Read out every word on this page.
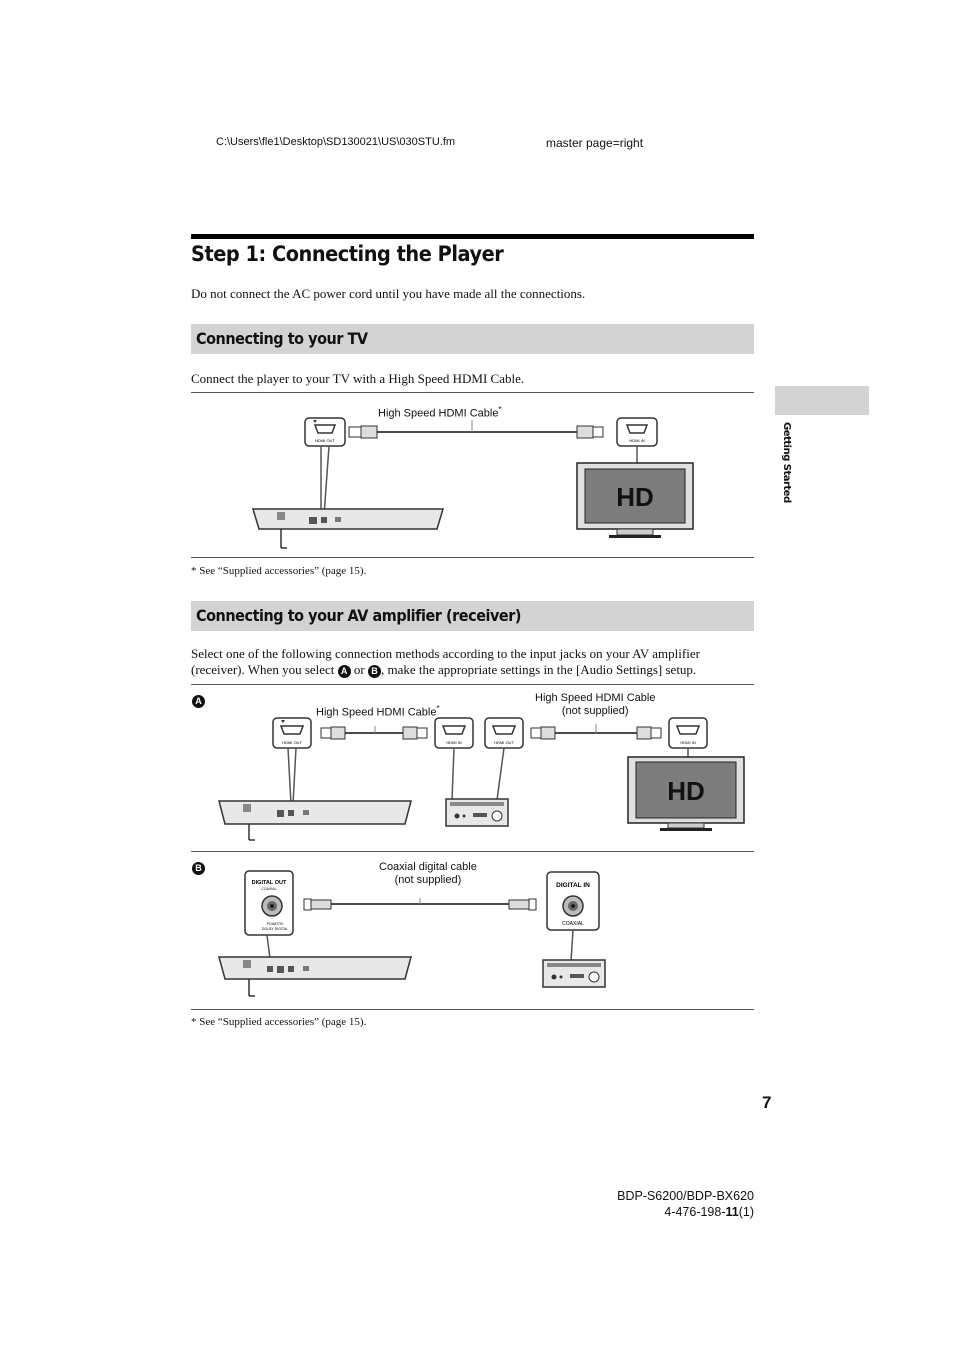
C:\Users\fle1\Desktop\SD130021\US\030STU.fm	master page=right
Step 1: Connecting the Player
Do not connect the AC power cord until you have made all the connections.
Connecting to your TV
Connect the player to your TV with a High Speed HDMI Cable.
High Speed HDMI Cable*
HDMI OUT	HDMI IN
HD
* See “Supplied accessories” (page 15).
Connecting to your AV amplifier (receiver)
Select one of the following connection methods according to the input jacks on your AV amplifier (receiver). When you select A or B , make the appropriate settings in the [Audio Settings] setup.
A
High Speed HDMI Cable*
High Speed HDMI Cable
(not supplied)
HDMI OUT	HDMI IN	HDMI OUT	HDMI IN
HD
B	Coaxial digital cable
(not supplied)
DIGITAL OUT
COAXIAL
PCM/DTS/
DOLBY DIGITAL
DIGITAL IN
COAXIAL
* See “Supplied accessories” (page 15).
Getting Started
7
BDP-S6200/BDP-BX620
4-476-198-11(1)
